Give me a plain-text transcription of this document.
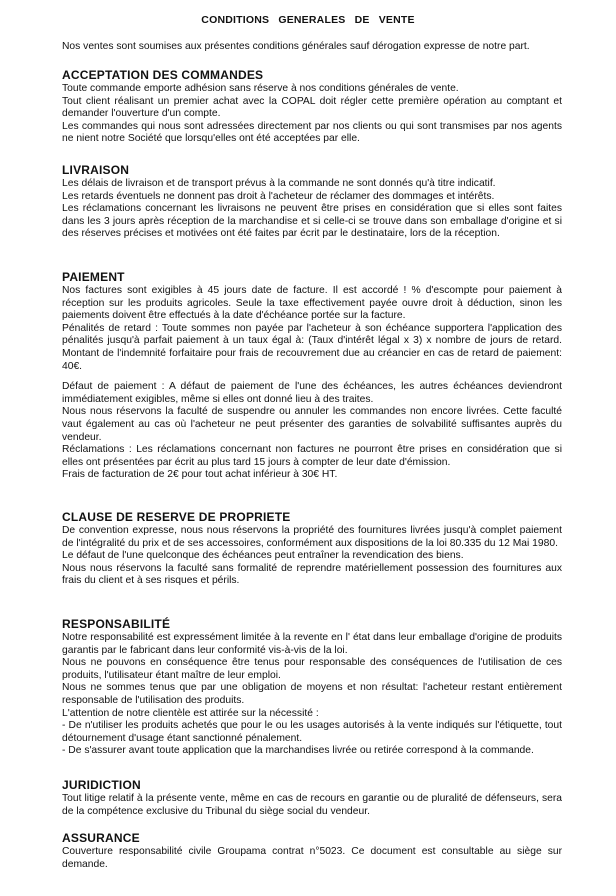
CONDITIONS GENERALES DE VENTE
Nos ventes sont soumises aux présentes conditions générales sauf dérogation expresse de notre part.
ACCEPTATION DES COMMANDES

Toute commande emporte adhésion sans réserve à nos conditions générales de vente.

Tout client réalisant un premier achat avec la COPAL doit régler cette première opération au comptant et demander l'ouverture d'un compte.

Les commandes qui nous sont adressées directement par nos clients ou qui sont transmises par nos agents ne nient notre Société que lorsqu'elles ont été acceptées par elle.

LIVRAISON

Les délais de livraison et de transport prévus à la commande ne sont donnés qu'à titre indicatif.

Les retards éventuels ne donnent pas droit à l'acheteur de réclamer des dommages et intérêts.

Les réclamations concernant les livraisons ne peuvent être prises en considération que si elles sont faites dans les 3 jours après réception de la marchandise et si celle-ci se trouve dans son emballage d'origine et si des réserves précises et motivées ont été faites par écrit par le destinataire, lors de la réception.

PAIEMENT

Nos factures sont exigibles à 45 jours date de facture. Il est accordé ! % d'escompte pour paiement à réception sur les produits agricoles. Seule la taxe effectivement payée ouvre droit à déduction, sinon les paiements doivent être effectués à la date d'échéance portée sur la facture.

Pénalités de retard : Toute sommes non payée par l'acheteur à son échéance supportera l'application des pénalités jusqu'à parfait paiement à un taux égal à: (Taux d'intérêt légal x 3) x nombre de jours de retard. Montant de l'indemnité forfaitaire pour frais de recouvrement due au créancier en cas de retard de paiement: 40€.

Défaut de paiement : A défaut de paiement de l'une des échéances, les autres échéances deviendront immédiatement exigibles, même si elles ont donné lieu à des traites.

Nous nous réservons la faculté de suspendre ou annuler les commandes non encore livrées. Cette faculté vaut également au cas où l'acheteur ne peut présenter des garanties de solvabilité suffisantes auprès du vendeur.

Réclamations : Les réclamations concernant non factures ne pourront être prises en considération que si elles ont présentées par écrit au plus tard 15 jours à compter de leur date d'émission.

Frais de facturation de 2€ pour tout achat inférieur à 30€ HT.

CLAUSE DE RESERVE DE PROPRIETE

De convention expresse, nous nous réservons la propriété des fournitures livrées jusqu'à complet paiement de l'intégralité du prix et de ses accessoires, conformément aux dispositions de la loi 80.335 du 12 Mai 1980.

Le défaut de l'une quelconque des échéances peut entraîner la revendication des biens.

Nous nous réservons la faculté sans formalité de reprendre matériellement possession des fournitures aux frais du client et à ses risques et périls.

RESPONSABILITÉ

Notre responsabilité est expressément limitée à la revente en l' état dans leur emballage d'origine de produits garantis par le fabricant dans leur conformité vis-à-vis de la loi.

Nous ne pouvons en conséquence être tenus pour responsable des conséquences de l'utilisation de ces produits, l'utilisateur étant maître de leur emploi.

Nous ne sommes tenus que par une obligation de moyens et non résultat: l'acheteur restant entièrement responsable de l'utilisation des produits.

L'attention de notre clientèle est attirée sur la nécessité :

- De n'utiliser les produits achetés que pour le ou les usages autorisés à la vente indiqués sur l'étiquette, tout détournement d'usage étant sanctionné pénalement.

- De s'assurer avant toute application que la marchandises livrée ou retirée correspond à la commande.

JURIDICTION

Tout litige relatif à la présente vente, même en cas de recours en garantie ou de pluralité de défenseurs, sera de la compétence exclusive du Tribunal du siège social du vendeur.

ASSURANCE

Couverture responsabilité civile Groupama contrat n°5023. Ce document est consultable au siège sur demande.
